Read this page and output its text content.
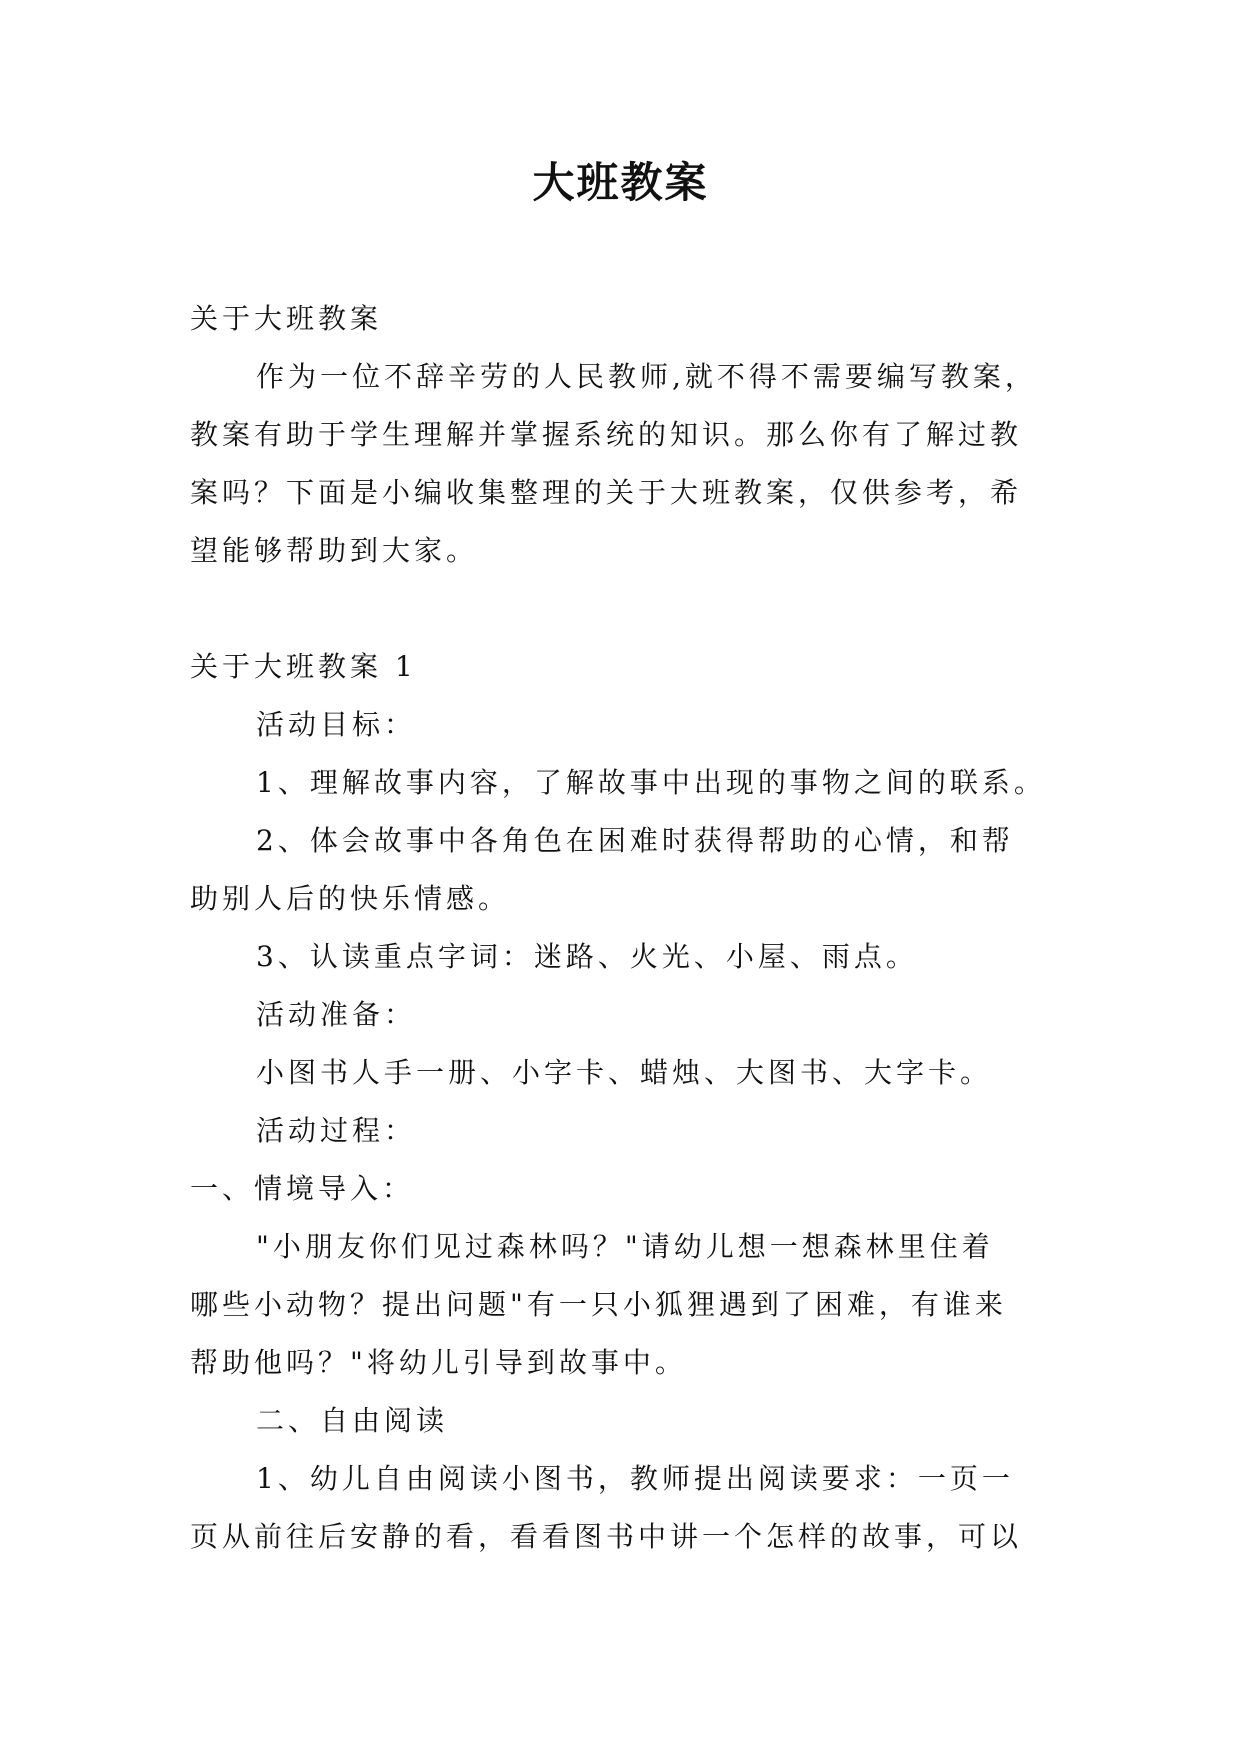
大班教案
关于大班教案
作为一位不辞辛劳的人民教师,就不得不需要编写教案，
教案有助于学生理解并掌握系统的知识。那么你有了解过教
案吗？下面是小编收集整理的关于大班教案，仅供参考，希
望能够帮助到大家。
关于大班教案 1
活动目标：
1、理解故事内容，了解故事中出现的事物之间的联系。
2、体会故事中各角色在困难时获得帮助的心情，和帮
助别人后的快乐情感。
3、认读重点字词：迷路、火光、小屋、雨点。
活动准备：
小图书人手一册、小字卡、蜡烛、大图书、大字卡。
活动过程：
一、情境导入：
"小朋友你们见过森林吗？"请幼儿想一想森林里住着
哪些小动物？提出问题"有一只小狐狸遇到了困难，有谁来
帮助他吗？"将幼儿引导到故事中。
二、自由阅读
1、幼儿自由阅读小图书，教师提出阅读要求：一页一
页从前往后安静的看，看看图书中讲一个怎样的故事，可以
